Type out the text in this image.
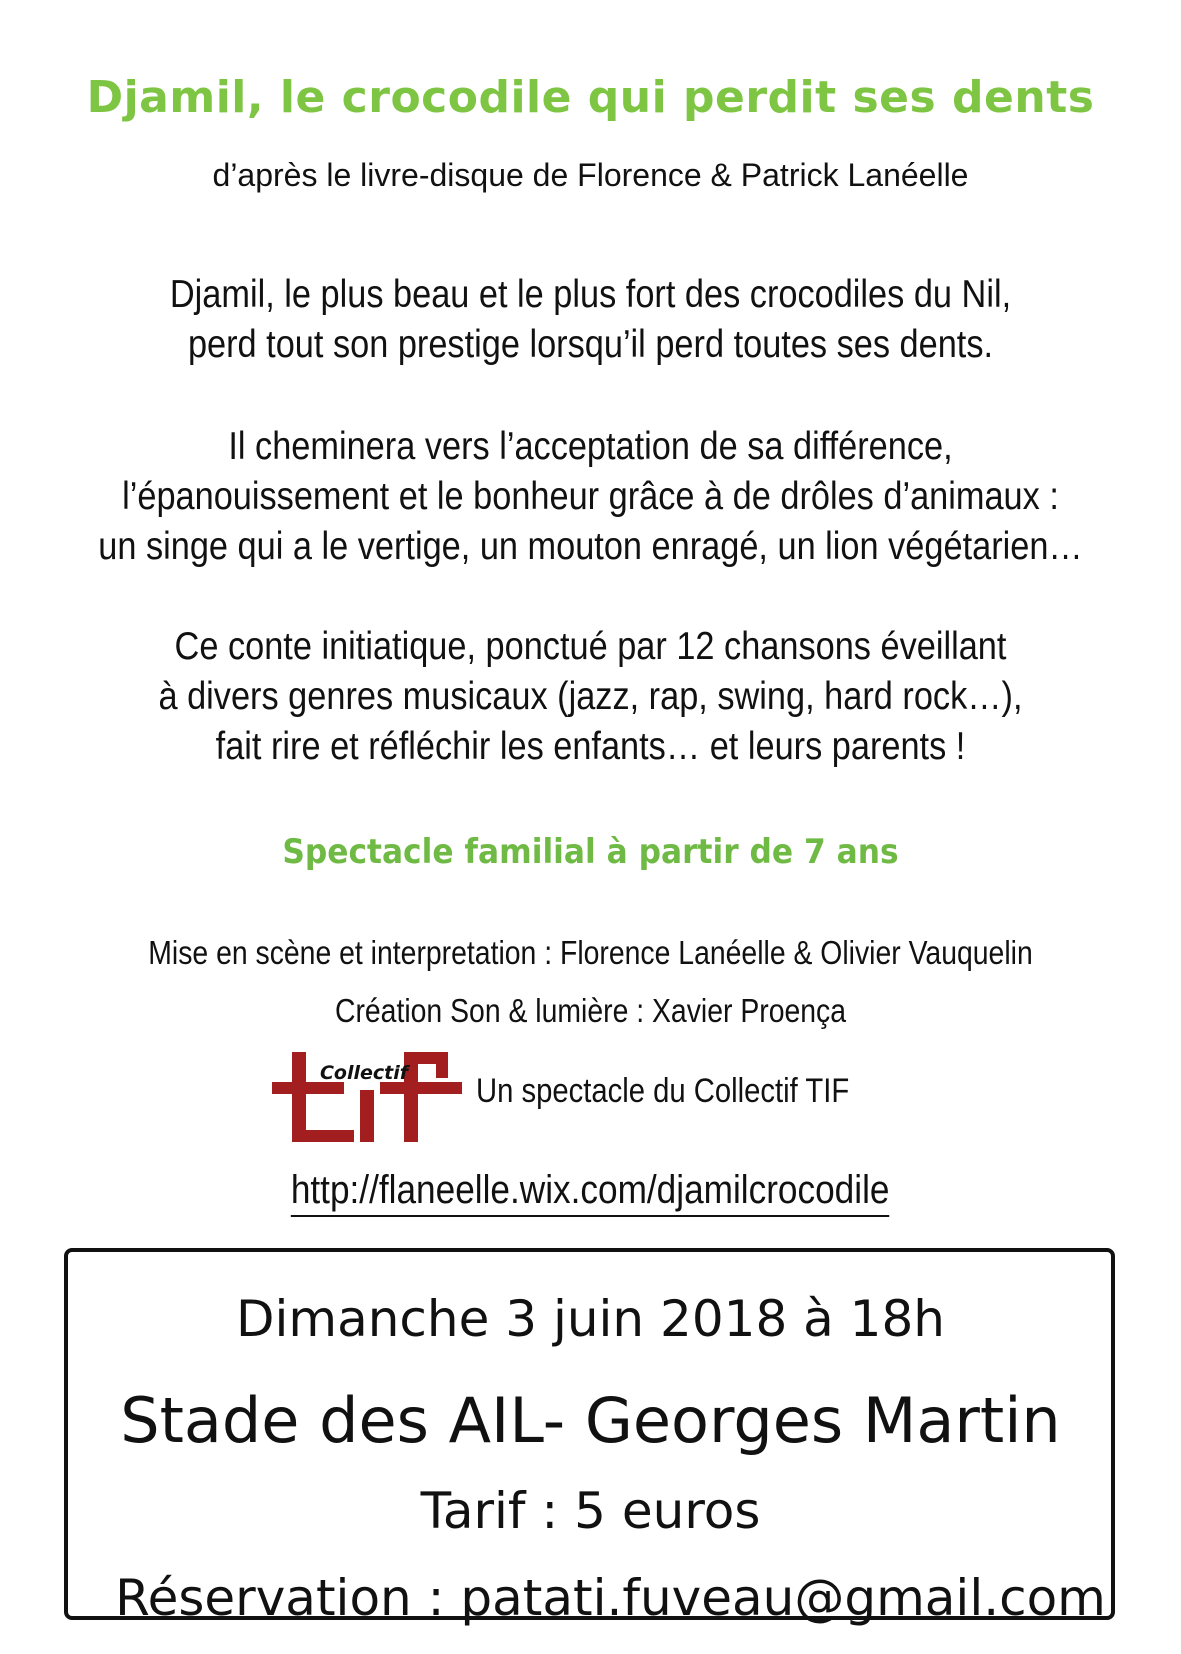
Djamil, le crocodile qui perdit ses dents
d’après le livre-disque de Florence & Patrick Lanéelle
Djamil, le plus beau et le plus fort des crocodiles du Nil,
perd tout son prestige lorsqu’il perd toutes ses dents.
Il cheminera vers l’acceptation de sa différence,
l’épanouissement et le bonheur grâce à de drôles d’animaux :
un singe qui a le vertige, un mouton enragé, un lion végétarien…
Ce conte initiatique, ponctué par 12 chansons éveillant
à divers genres musicaux (jazz, rap, swing, hard rock…),
fait rire et réfléchir les enfants… et leurs parents !
Spectacle familial à partir de 7 ans
Mise en scène et interpretation : Florence Lanéelle & Olivier Vauquelin
Création Son & lumière : Xavier Proença
Collectif Un spectacle du Collectif TIF
http://flaneelle.wix.com/djamilcrocodile
Dimanche 3 juin 2018 à 18h
Stade des AIL- Georges Martin
Tarif : 5 euros
Réservation : patati.fuveau@gmail.com
